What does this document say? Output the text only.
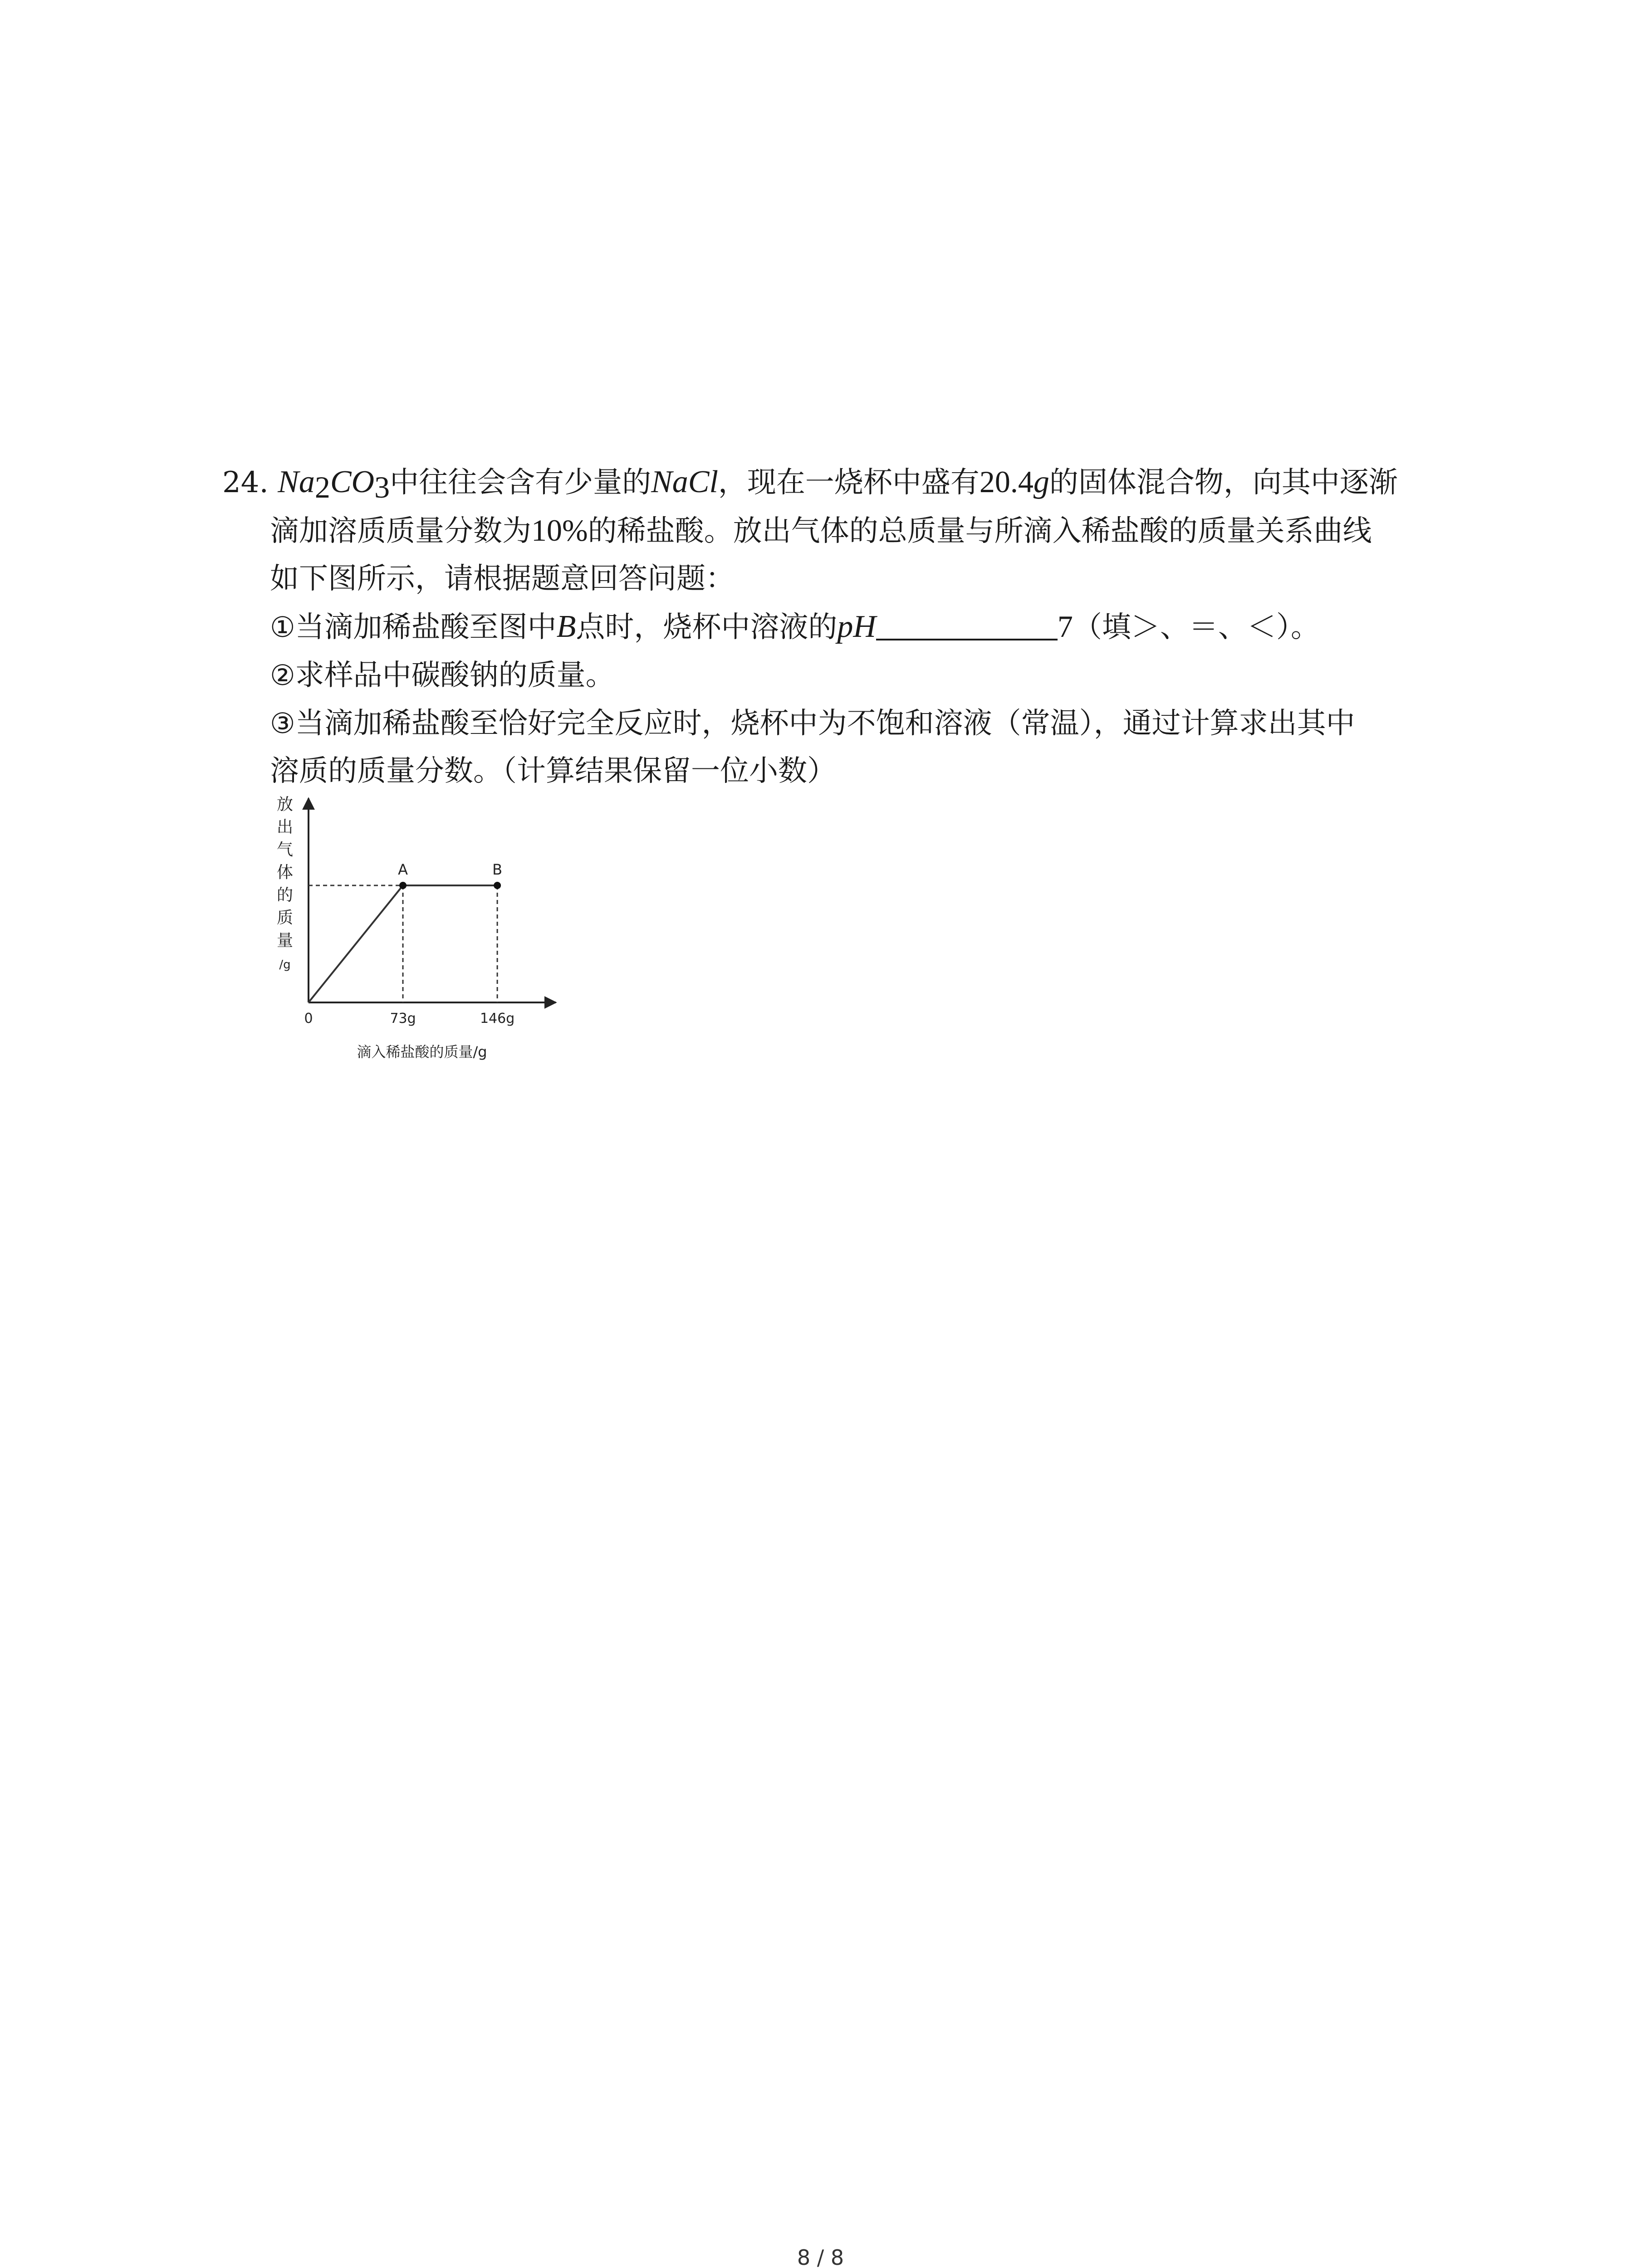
24. $Na_2CO_3$中往往会含有少量的NaCl，现在一烧杯中盛有20.4g的固体混合物，向其中逐渐
滴加溶质质量分数为10%的稀盐酸。放出气体的总质量与所滴入稀盐酸的质量关系曲线
如下图所示，请根据题意回答问题：
①当滴加稀盐酸至图中B点时，烧杯中溶液的pH	7（填＞、＝、＜）。
②求样品中碳酸钠的质量。
③当滴加稀盐酸至恰好完全反应时，烧杯中为不饱和溶液（常温），通过计算求出其中
溶质的质量分数。（计算结果保留一位小数）
放
出
气
体
的
质
量
/g
73g	146g
A	B
0
滴入稀盐酸的质量/g
8 / 8
